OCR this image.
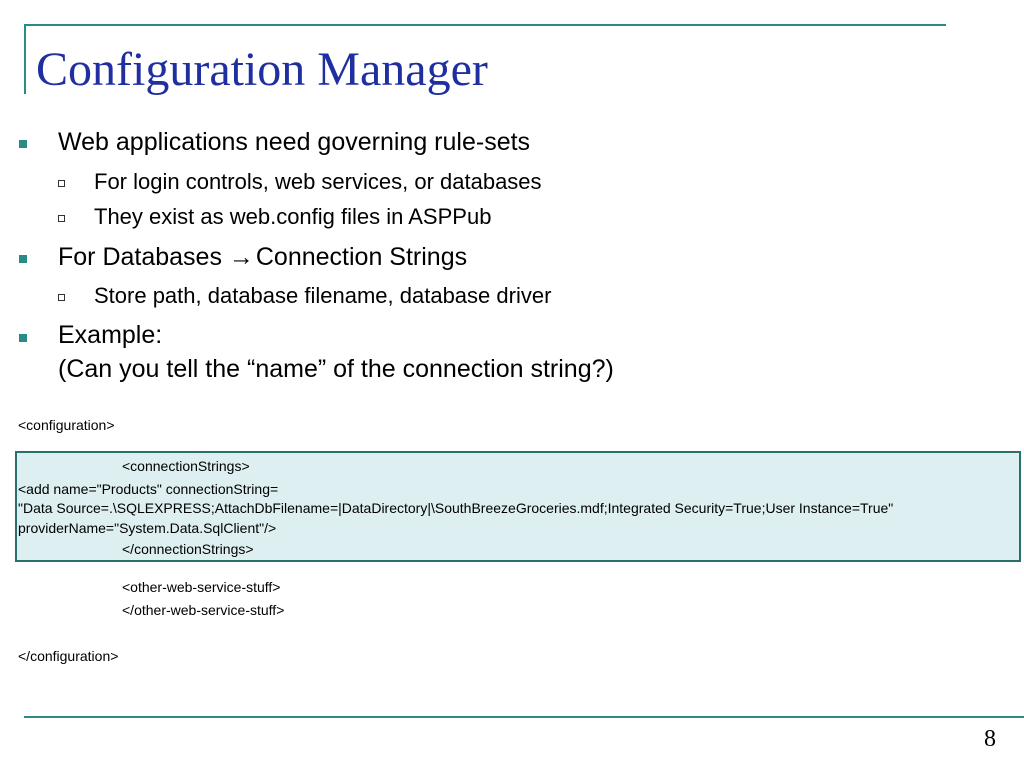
Configuration Manager
Web applications need governing rule-sets
For login controls, web services, or databases
They exist as web.config files in ASPPub
For Databases → Connection Strings
Store path, database filename, database driver
Example:
(Can you tell the “name” of the connection string?)
<configuration>
<connectionStrings>
<add name="Products" connectionString=
"Data Source=.\SQLEXPRESS;AttachDbFilename=|DataDirectory|\SouthBreezeGroceries.mdf;Integrated Security=True;User Instance=True"
providerName="System.Data.SqlClient"/>
</connectionStrings>
<other-web-service-stuff>
</other-web-service-stuff>
</configuration>
8
